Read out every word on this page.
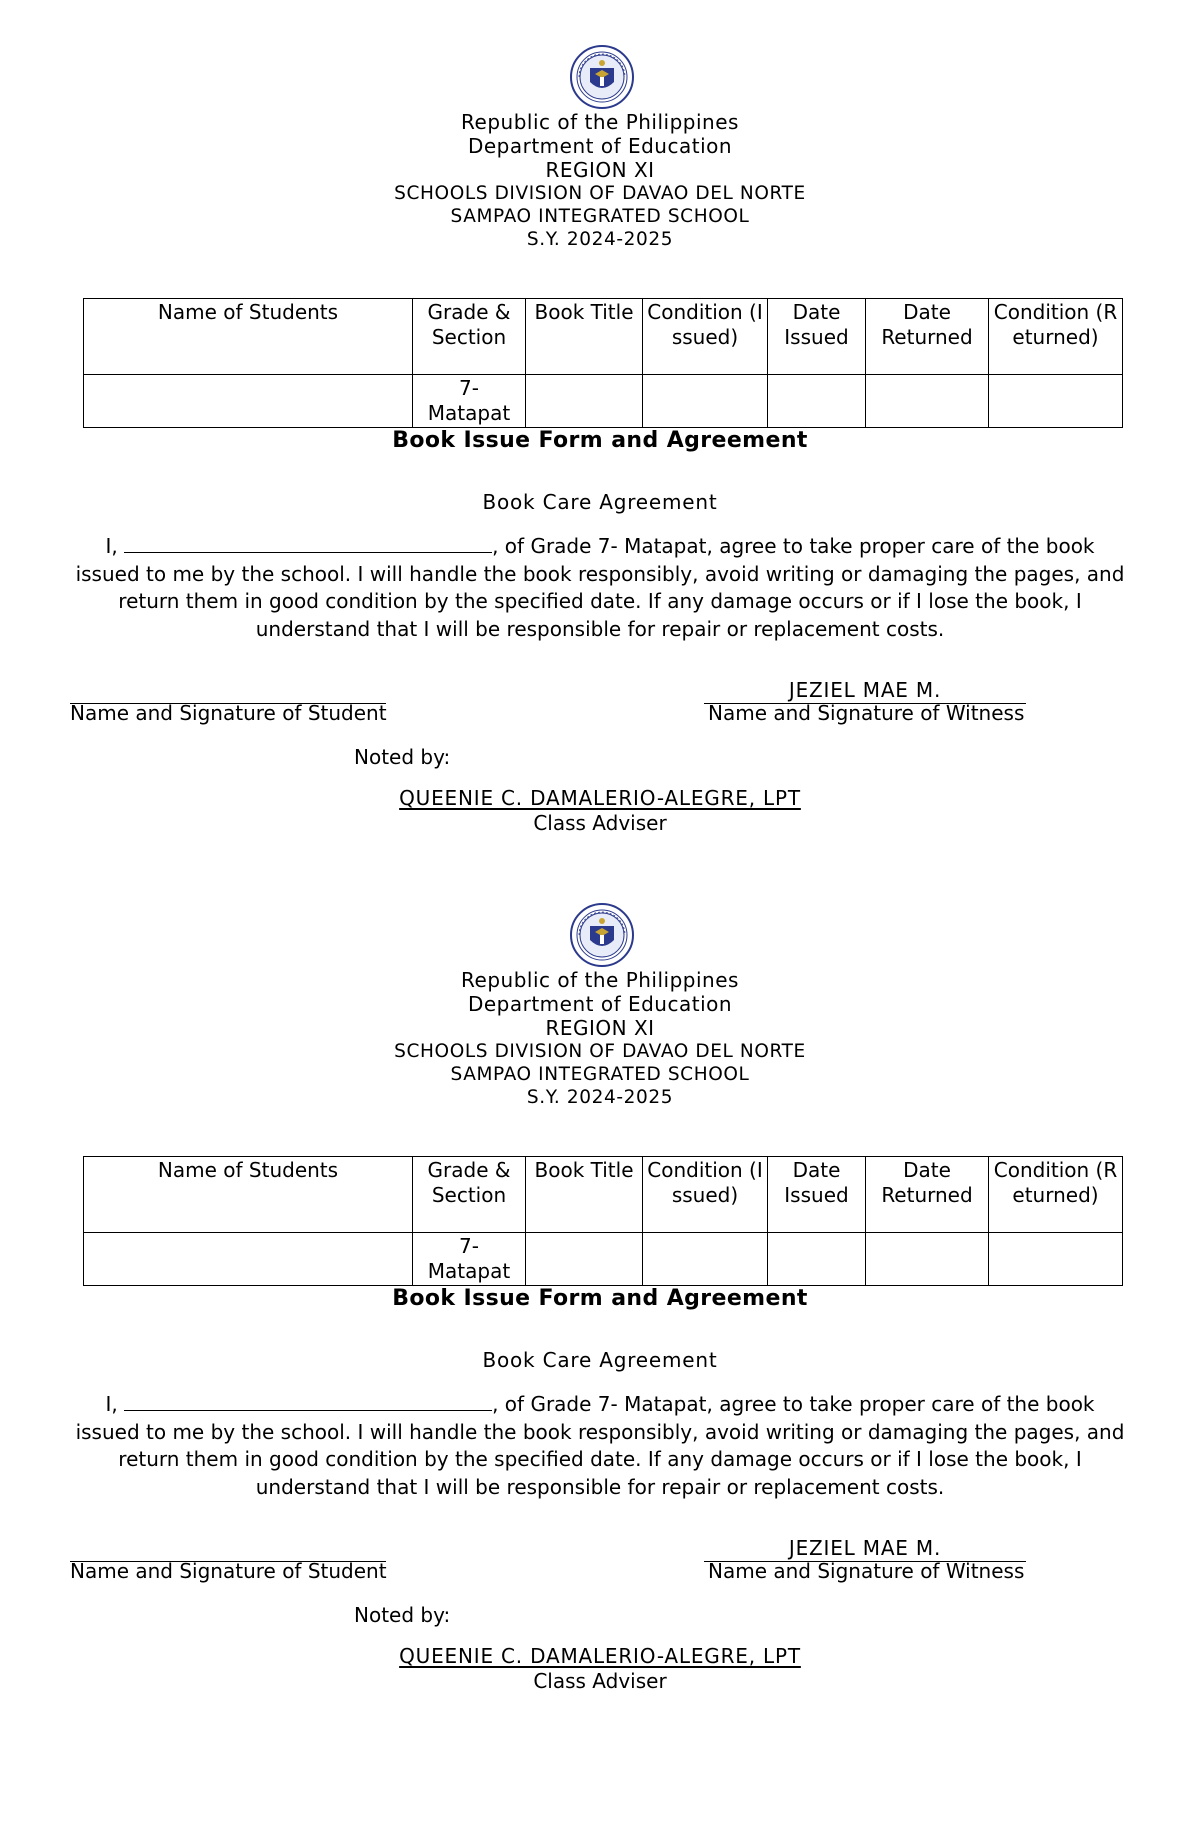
Republic of the Philippines
Department of Education
REGION XI
SCHOOLS DIVISION OF DAVAO DEL NORTE
SAMPAO INTEGRATED SCHOOL
S.Y. 2024-2025
Name of Students	Grade & Section	Book Title	Condition (Issued)	Date Issued	Date Returned	Condition (Returned)
	7- Matapat					
Book Issue Form and Agreement
Book Care Agreement
I,	, of Grade 7- Matapat, agree to take proper care of the book issued to me by the school. I will handle the book responsibly, avoid writing or damaging the pages, and return them in good condition by the specified date. If any damage occurs or if I lose the book, I understand that I will be responsible for repair or replacement costs.
Name and Signature of Student
JEZIEL MAE M.
Name and Signature of Witness
Noted by:
QUEENIE C. DAMALERIO-ALEGRE, LPT
Class Adviser
Republic of the Philippines
Department of Education
REGION XI
SCHOOLS DIVISION OF DAVAO DEL NORTE
SAMPAO INTEGRATED SCHOOL
S.Y. 2024-2025
Name of Students	Grade & Section	Book Title	Condition (Issued)	Date Issued	Date Returned	Condition (Returned)
	7- Matapat					
Book Issue Form and Agreement
Book Care Agreement
I,	, of Grade 7- Matapat, agree to take proper care of the book issued to me by the school. I will handle the book responsibly, avoid writing or damaging the pages, and return them in good condition by the specified date. If any damage occurs or if I lose the book, I understand that I will be responsible for repair or replacement costs.
Name and Signature of Student
JEZIEL MAE M.
Name and Signature of Witness
Noted by:
QUEENIE C. DAMALERIO-ALEGRE, LPT
Class Adviser
